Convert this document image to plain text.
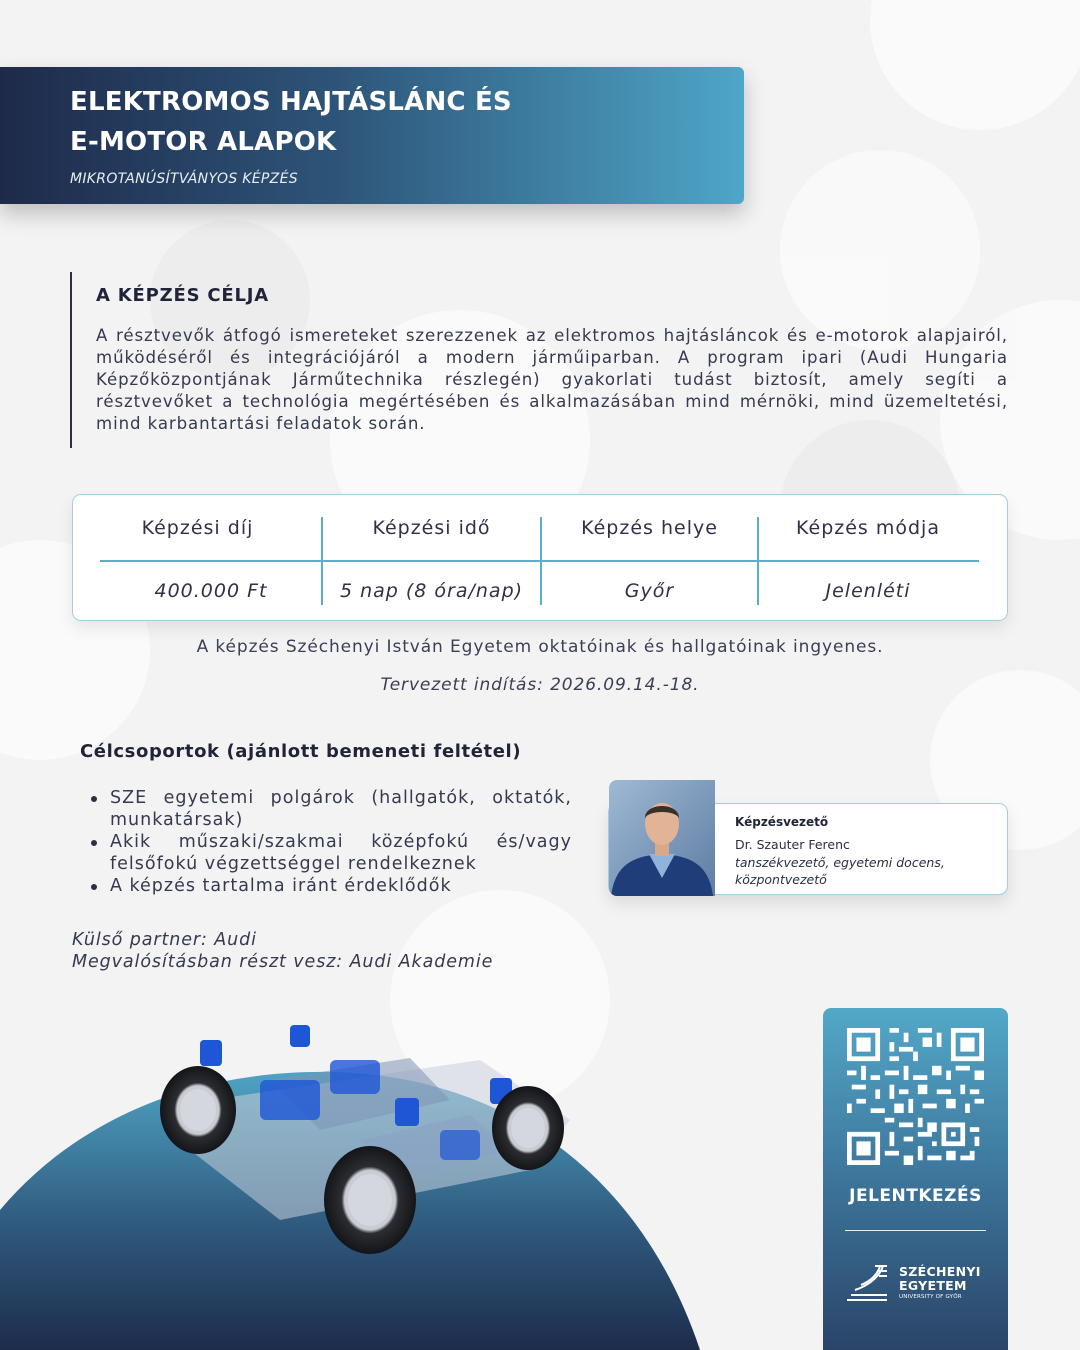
ELEKTROMOS HAJTÁSLÁNC ÉS
E-MOTOR ALAPOK
MIKROTANÚSÍTVÁNYOS KÉPZÉS
A KÉPZÉS CÉLJA

A résztvevők átfogó ismereteket szerezzenek az elektromos hajtásláncok és e-motorok alapjairól, működéséről és integrációjáról a modern járműiparban. A program ipari (Audi Hungaria Képzőközpontjának Járműtechnika részlegén) gyakorlati tudást biztosít, amely segíti a résztvevőket a technológia megértésében és alkalmazásában mind mérnöki, mind üzemeltetési, mind karbantartási feladatok során.

Képzési díj	Képzési idő	Képzés helye	Képzés módja
400.000 Ft	5 nap (8 óra/nap)	Győr	Jelenléti
A képzés Széchenyi István Egyetem oktatóinak és hallgatóinak ingyenes.
Tervezett indítás: 2026.09.14.-18.
Célcsoportok (ajánlott bemeneti feltétel)
SZE egyetemi polgárok (hallgatók, oktatók, munkatársak)
Akik műszaki/szakmai középfokú és/vagy felsőfokú végzettséggel rendelkeznek
A képzés tartalma iránt érdeklődők
Képzésvezető
Dr. Szauter Ferenc
tanszékvezető, egyetemi docens, központvezető
Külső partner: Audi
Megvalósításban részt vesz: Audi Akademie
JELENTKEZÉS
SZÉCHENYI
EGYETEM
UNIVERSITY OF GYŐR
